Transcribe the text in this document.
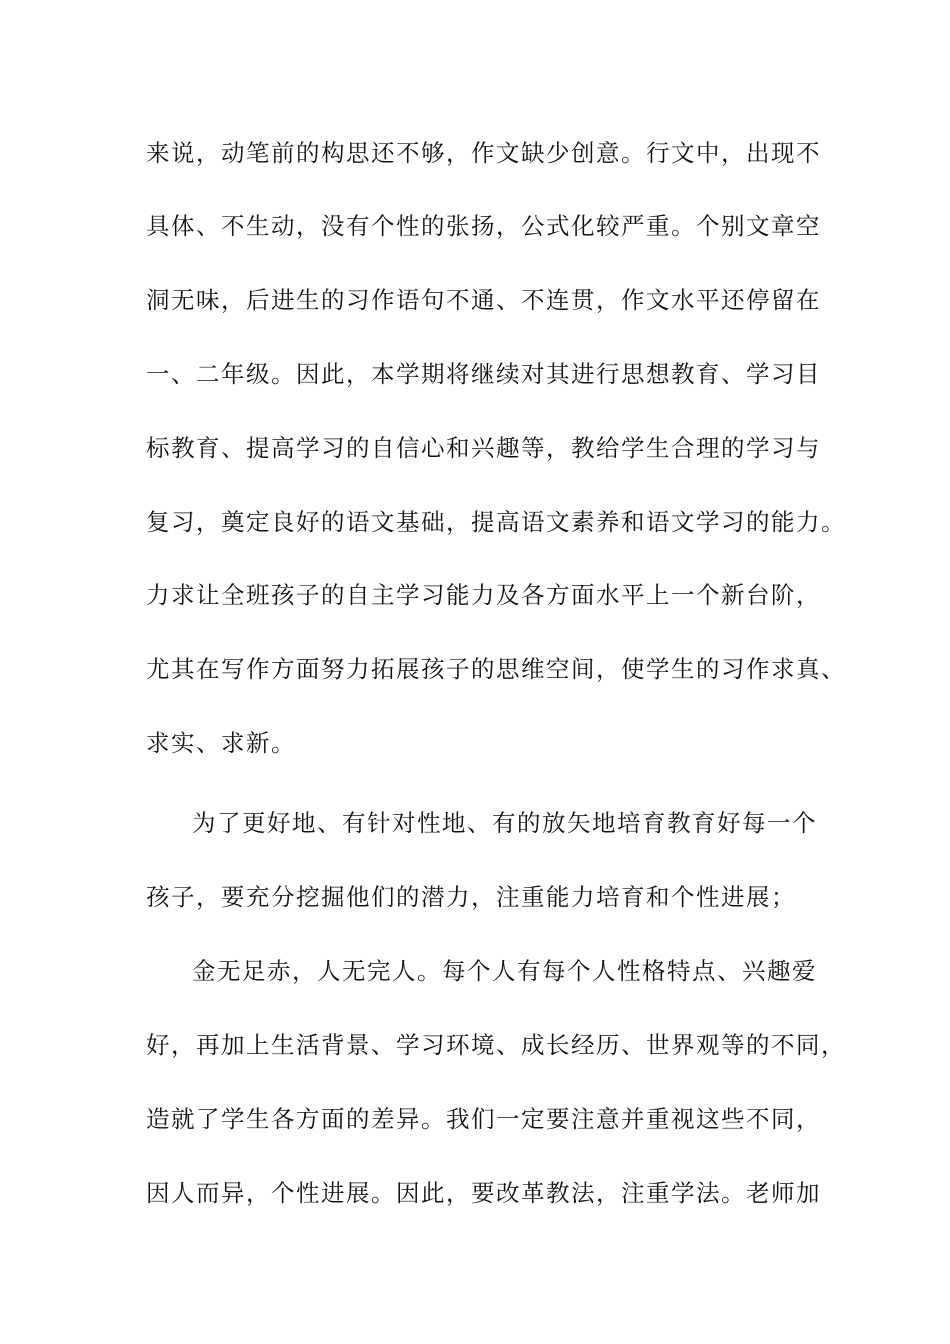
来说，动笔前的构思还不够，作文缺少创意。行文中，出现不
具体、不生动，没有个性的张扬，公式化较严重。个别文章空
洞无味，后进生的习作语句不通、不连贯，作文水平还停留在
一、二年级。因此，本学期将继续对其进行思想教育、学习目
标教育、提高学习的自信心和兴趣等，教给学生合理的学习与
复习，奠定良好的语文基础，提高语文素养和语文学习的能力。
力求让全班孩子的自主学习能力及各方面水平上一个新台阶，
尤其在写作方面努力拓展孩子的思维空间，使学生的习作求真、
求实、求新。
为了更好地、有针对性地、有的放矢地培育教育好每一个
孩子，要充分挖掘他们的潜力，注重能力培育和个性进展；
金无足赤，人无完人。每个人有每个人性格特点、兴趣爱
好，再加上生活背景、学习环境、成长经历、世界观等的不同，
造就了学生各方面的差异。我们一定要注意并重视这些不同，
因人而异，个性进展。因此，要改革教法，注重学法。老师加
